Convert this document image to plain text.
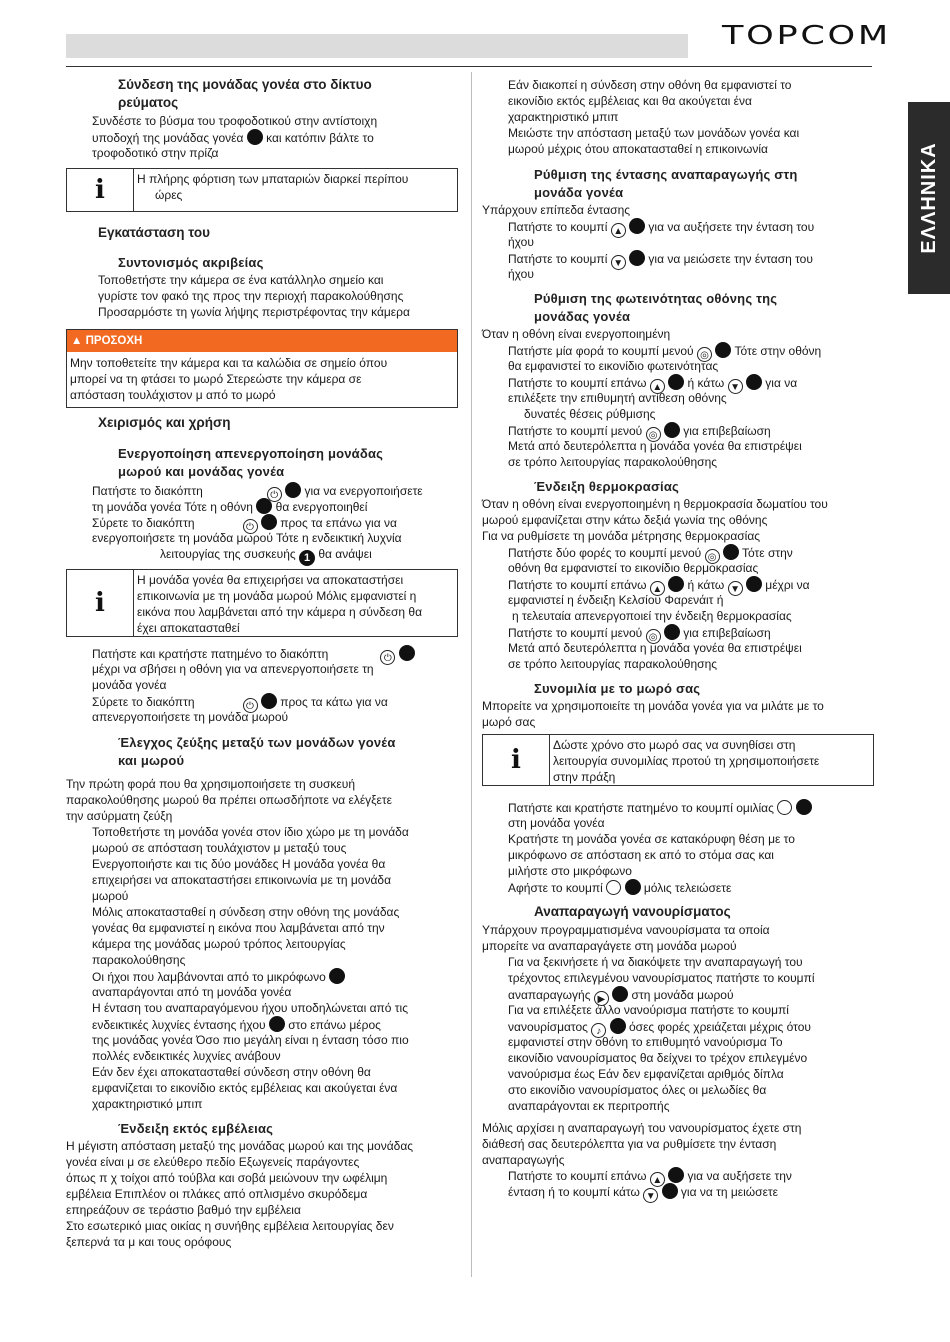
TOPCOM
ΕΛΛΗΝΙΚΑ
Σύνδεση της μονάδας γονέα στο δίκτυο
ρεύματος
Συνδέστε το βύσμα του τροφοδοτικού στην αντίστοιχη
υποδοχή της μονάδας γονέα και κατόπιν βάλτε το
τροφοδοτικό στην πρίζα
i	Η πλήρης φόρτιση των μπαταριών διαρκεί περίπου
ώρες
Εγκατάσταση του
Συντονισμός ακριβείας
Τοποθετήστε την κάμερα σε ένα κατάλληλο σημείο και
γυρίστε τον φακό της προς την περιοχή παρακολούθησης
Προσαρμόστε τη γωνία λήψης περιστρέφοντας την κάμερα
▲ ΠΡΟΣΟΧΗ
Μην τοποθετείτε την κάμερα και τα καλώδια σε σημείο όπου
μπορεί να τη φτάσει το μωρό Στερεώστε την κάμερα σε
απόσταση τουλάχιστον μ από το μωρό
Χειρισμός και χρήση
Ενεργοποίηση απενεργοποίηση μονάδας
μωρού και μονάδας γονέα
Πατήστε το διακόπτη	⏻ για να ενεργοποιήσετε
τη μονάδα γονέα Τότε η οθόνη θα ενεργοποιηθεί
Σύρετε το διακόπτη	⏻ προς τα επάνω για να
ενεργοποιήσετε τη μονάδα μωρού Τότε η ενδεικτική λυχνία
λειτουργίας της συσκευής 1 θα ανάψει
i
Η μονάδα γονέα θα επιχειρήσει να αποκαταστήσει
επικοινωνία με τη μονάδα μωρού Μόλις εμφανιστεί η
εικόνα που λαμβάνεται από την κάμερα η σύνδεση θα
έχει αποκατασταθεί
Πατήστε και κρατήστε πατημένο το διακόπτη	⏻
μέχρι να σβήσει η οθόνη για να απενεργοποιήσετε τη
μονάδα γονέα
Σύρετε το διακόπτη	⏻ προς τα κάτω για να
απενεργοποιήσετε τη μονάδα μωρού
Έλεγχος ζεύξης μεταξύ των μονάδων γονέα
και μωρού
Την πρώτη φορά που θα χρησιμοποιήσετε τη συσκευή
παρακολούθησης μωρού θα πρέπει οπωσδήποτε να ελέγξετε
την ασύρματη ζεύξη
Τοποθετήστε τη μονάδα γονέα στον ίδιο χώρο με τη μονάδα
μωρού σε απόσταση τουλάχιστον μ μεταξύ τους
Ενεργοποιήστε και τις δύο μονάδες Η μονάδα γονέα θα
επιχειρήσει να αποκαταστήσει επικοινωνία με τη μονάδα
μωρού
Μόλις αποκατασταθεί η σύνδεση στην οθόνη της μονάδας
γονέας θα εμφανιστεί η εικόνα που λαμβάνεται από την
κάμερα της μονάδας μωρού τρόπος λειτουργίας
παρακολούθησης
Οι ήχοι που λαμβάνονται από το μικρόφωνο
αναπαράγονται από τη μονάδα γονέα
Η ένταση του αναπαραγόμενου ήχου υποδηλώνεται από τις
ενδεικτικές λυχνίες έντασης ήχου στο επάνω μέρος
της μονάδας γονέα Όσο πιο μεγάλη είναι η ένταση τόσο πιο
πολλές ενδεικτικές λυχνίες ανάβουν
Εάν δεν έχει αποκατασταθεί σύνδεση στην οθόνη θα
εμφανίζεται το εικονίδιο εκτός εμβέλειας και ακούγεται ένα
χαρακτηριστικό μπιπ
Ένδειξη εκτός εμβέλειας
Η μέγιστη απόσταση μεταξύ της μονάδας μωρού και της μονάδας
γονέα είναι μ σε ελεύθερο πεδίο Εξωγενείς παράγοντες
όπως π χ τοίχοι από τούβλα και σοβά μειώνουν την ωφέλιμη
εμβέλεια Επιπλέον οι πλάκες από οπλισμένο σκυρόδεμα
επηρεάζουν σε τεράστιο βαθμό την εμβέλεια
Στο εσωτερικό μιας οικίας η συνήθης εμβέλεια λειτουργίας δεν
ξεπερνά τα μ και τους ορόφους
Εάν διακοπεί η σύνδεση στην οθόνη θα εμφανιστεί το
εικονίδιο εκτός εμβέλειας και θα ακούγεται ένα
χαρακτηριστικό μπιπ
Μειώστε την απόσταση μεταξύ των μονάδων γονέα και
μωρού μέχρις ότου αποκατασταθεί η επικοινωνία
Ρύθμιση της έντασης αναπαραγωγής στη
μονάδα γονέα
Υπάρχουν επίπεδα έντασης
Πατήστε το κουμπί ▲ για να αυξήσετε την ένταση του
ήχου
Πατήστε το κουμπί ▼ για να μειώσετε την ένταση του
ήχου
Ρύθμιση της φωτεινότητας οθόνης της
μονάδας γονέα
Όταν η οθόνη είναι ενεργοποιημένη
Πατήστε μία φορά το κουμπί μενού ◎ Τότε στην οθόνη
θα εμφανιστεί το εικονίδιο φωτεινότητας
Πατήστε το κουμπί επάνω ▲ ή κάτω ▼ για να
επιλέξετε την επιθυμητή αντίθεση οθόνης
δυνατές θέσεις ρύθμισης
Πατήστε το κουμπί μενού ◎ για επιβεβαίωση
Μετά από δευτερόλεπτα η μονάδα γονέα θα επιστρέψει
σε τρόπο λειτουργίας παρακολούθησης
Ένδειξη θερμοκρασίας
Όταν η οθόνη είναι ενεργοποιημένη η θερμοκρασία δωματίου του
μωρού εμφανίζεται στην κάτω δεξιά γωνία της οθόνης
Για να ρυθμίσετε τη μονάδα μέτρησης θερμοκρασίας
Πατήστε δύο φορές το κουμπί μενού ◎ Τότε στην
οθόνη θα εμφανιστεί το εικονίδιο θερμοκρασίας
Πατήστε το κουμπί επάνω ▲ ή κάτω ▼ μέχρι να
εμφανιστεί η ένδειξη Κελσίου Φαρενάιτ ή
η τελευταία απενεργοποιεί την ένδειξη θερμοκρασίας
Πατήστε το κουμπί μενού ◎ για επιβεβαίωση
Μετά από δευτερόλεπτα η μονάδα γονέα θα επιστρέψει
σε τρόπο λειτουργίας παρακολούθησης
Συνομιλία με το μωρό σας
Μπορείτε να χρησιμοποιείτε τη μονάδα γονέα για να μιλάτε με το
μωρό σας
i	Δώστε χρόνο στο μωρό σας να συνηθίσει στη
λειτουργία συνομιλίας προτού τη χρησιμοποιήσετε
στην πράξη
Πατήστε και κρατήστε πατημένο το κουμπί ομιλίας
στη μονάδα γονέα
Κρατήστε τη μονάδα γονέα σε κατακόρυφη θέση με το
μικρόφωνο σε απόσταση εκ από το στόμα σας και
μιλήστε στο μικρόφωνο
Αφήστε το κουμπί	μόλις τελειώσετε
Αναπαραγωγή νανουρίσματος
Υπάρχουν προγραμματισμένα νανουρίσματα τα οποία
μπορείτε να αναπαραγάγετε στη μονάδα μωρού
Για να ξεκινήσετε ή να διακόψετε την αναπαραγωγή του
τρέχοντος επιλεγμένου νανουρίσματος πατήστε το κουμπί
αναπαραγωγής ▶ στη μονάδα μωρού
Για να επιλέξετε άλλο νανούρισμα πατήστε το κουμπί
νανουρίσματος ♪ όσες φορές χρειάζεται μέχρις ότου
εμφανιστεί στην οθόνη το επιθυμητό νανούρισμα Το
εικονίδιο νανουρίσματος θα δείχνει το τρέχον επιλεγμένο
νανούρισμα έως Εάν δεν εμφανίζεται αριθμός δίπλα
στο εικονίδιο νανουρίσματος όλες οι μελωδίες θα
αναπαράγονται εκ περιτροπής
Μόλις αρχίσει η αναπαραγωγή του νανουρίσματος έχετε στη
διάθεσή σας δευτερόλεπτα για να ρυθμίσετε την ένταση
αναπαραγωγής
Πατήστε το κουμπί επάνω ▲ για να αυξήσετε την
ένταση ή το κουμπί κάτω ▼ για να τη μειώσετε
